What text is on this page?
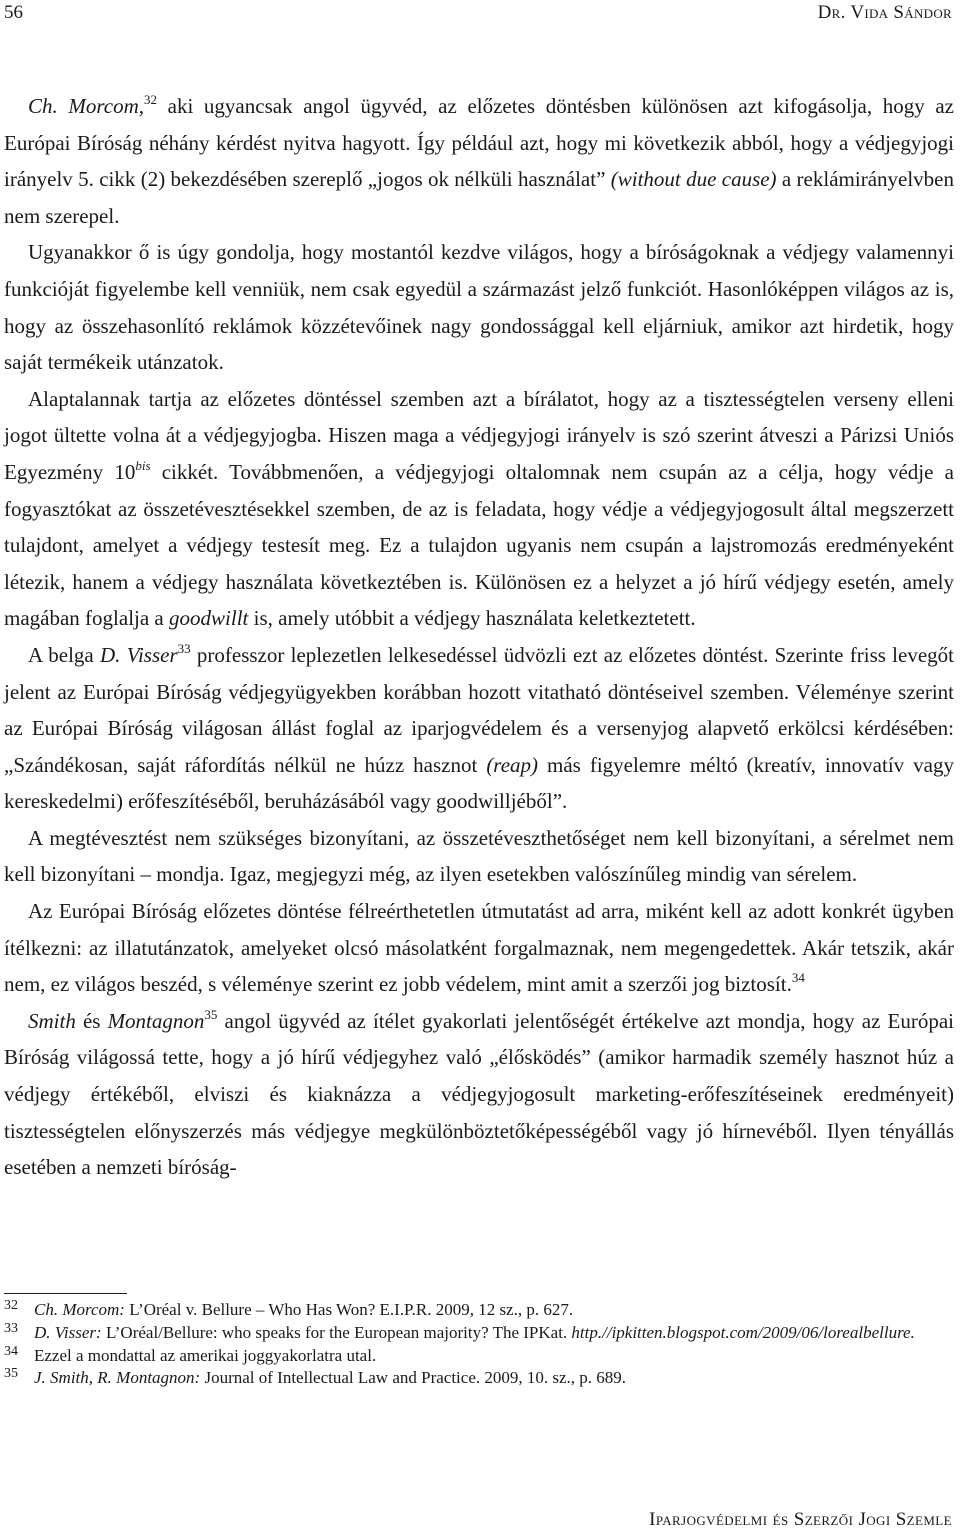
56	Dr. Vida Sándor

Ch. Morcom,$^{32}$ aki ugyancsak angol ügyvéd, az előzetes döntésben különösen azt kifogásolja, hogy az Európai Bíróság néhány kérdést nyitva hagyott. Így például azt, hogy mi következik abból, hogy a védjegyjogi irányelv 5. cikk (2) bekezdésében szereplő „jogos ok nélküli használat” (without due cause) a reklámirányelvben nem szerepel.

Ugyanakkor ő is úgy gondolja, hogy mostantól kezdve világos, hogy a bíróságoknak a védjegy valamennyi funkcióját figyelembe kell venniük, nem csak egyedül a származást jelző funkciót. Hasonlóképpen világos az is, hogy az összehasonlító reklámok közzétevőinek nagy gondossággal kell eljárniuk, amikor azt hirdetik, hogy saját termékeik utánzatok.

Alaptalannak tartja az előzetes döntéssel szemben azt a bírálatot, hogy az a tisztességtelen verseny elleni jogot ültette volna át a védjegyjogba. Hiszen maga a védjegyjogi irányelv is szó szerint átveszi a Párizsi Uniós Egyezmény $10^{bis}$ cikkét. Továbbmenően, a védjegyjogi oltalomnak nem csupán az a célja, hogy védje a fogyasztókat az összetévesztésekkel szemben, de az is feladata, hogy védje a védjegyjogosult által megszerzett tulajdont, amelyet a védjegy testesít meg. Ez a tulajdon ugyanis nem csupán a lajstromozás eredményeként létezik, hanem a védjegy használata következtében is. Különösen ez a helyzet a jó hírű védjegy esetén, amely magában foglalja a goodwillt is, amely utóbbit a védjegy használata keletkeztetett.

A belga D. Visser$^{33}$ professzor leplezetlen lelkesedéssel üdvözli ezt az előzetes döntést. Szerinte friss levegőt jelent az Európai Bíróság védjegyügyekben korábban hozott vitatható döntéseivel szemben. Véleménye szerint az Európai Bíróság világosan állást foglal az iparjogvédelem és a versenyjog alapvető erkölcsi kérdésében: „Szándékosan, saját ráfordítás nélkül ne húzz hasznot (reap) más figyelemre méltó (kreatív, innovatív vagy kereskedelmi) erőfeszítéséből, beruházásából vagy goodwilljéből”.

A megtévesztést nem szükséges bizonyítani, az összetéveszthetőséget nem kell bizonyítani, a sérelmet nem kell bizonyítani – mondja. Igaz, megjegyzi még, az ilyen esetekben valószínűleg mindig van sérelem.

Az Európai Bíróság előzetes döntése félreérthetetlen útmutatást ad arra, miként kell az adott konkrét ügyben ítélkezni: az illatutánzatok, amelyeket olcsó másolatként forgalmaznak, nem megengedettek. Akár tetszik, akár nem, ez világos beszéd, s véleménye szerint ez jobb védelem, mint amit a szerzői jog biztosít.$^{34}$

Smith és Montagnon$^{35}$ angol ügyvéd az ítélet gyakorlati jelentőségét értékelve azt mondja, hogy az Európai Bíróság világossá tette, hogy a jó hírű védjegyhez való „élősködés” (amikor harmadik személy hasznot húz a védjegy értékéből, elviszi és kiaknázza a védjegyjogosult marketing-erőfeszítéseinek eredményeit) tisztességtelen előnyszerzés más védjegye megkülönböztetőképességéből vagy jó hírnevéből. Ilyen tényállás esetében a nemzeti bíróság-

32 Ch. Morcom: L’Oréal v. Bellure – Who Has Won? E.I.P.R. 2009, 12 sz., p. 627.
33 D. Visser: L’Oréal/Bellure: who speaks for the European majority? The IPKat. http.//ipkitten.blogspot.com/2009/06/lorealbellure.
34 Ezzel a mondattal az amerikai joggyakorlatra utal.
35 J. Smith, R. Montagnon: Journal of Intellectual Law and Practice. 2009, 10. sz., p. 689.
Iparjogvédelmi és Szerzői Jogi Szemle
